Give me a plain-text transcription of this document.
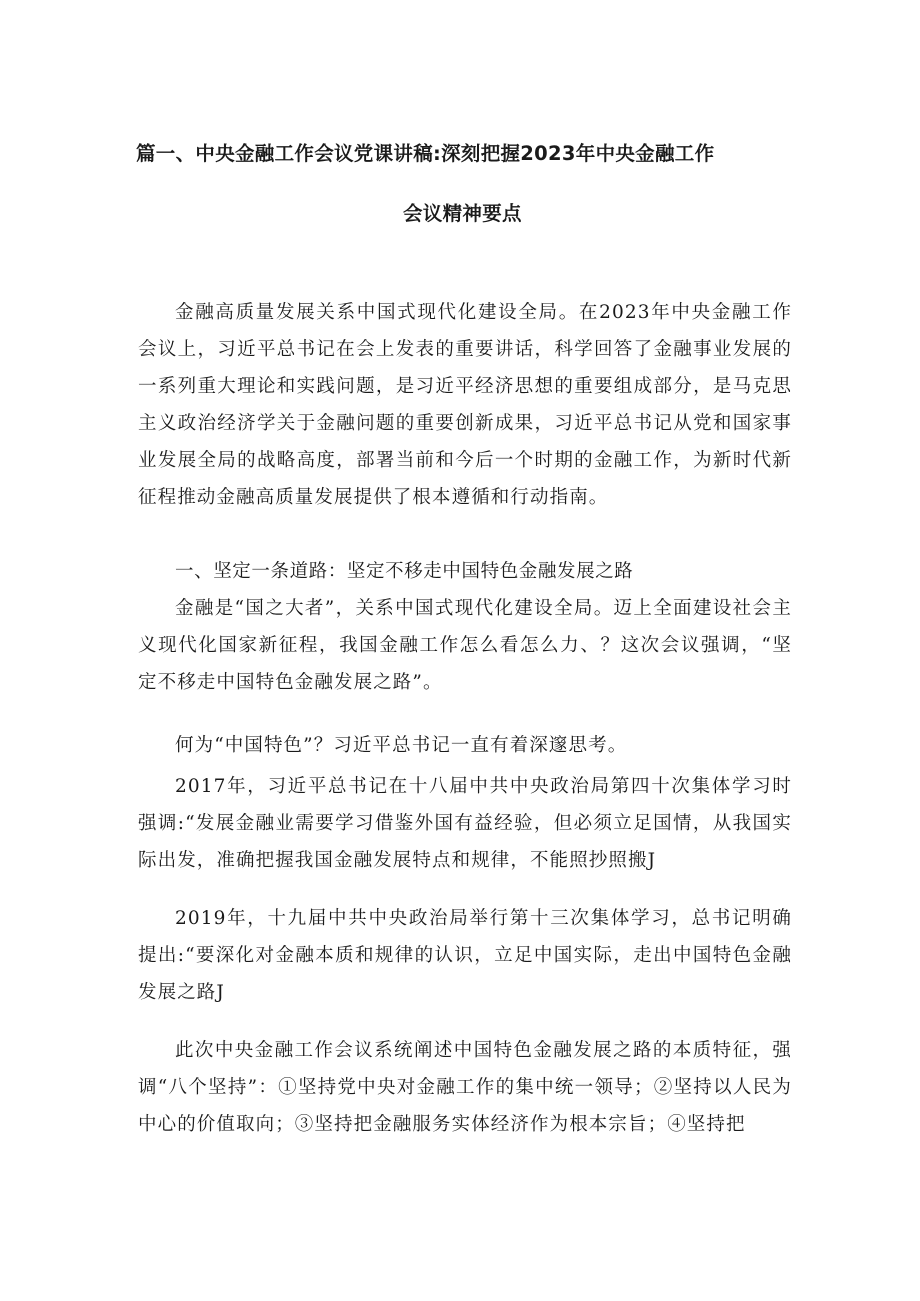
篇一、中央金融工作会议党课讲稿:深刻把握2023年中央金融工作
会议精神要点

金融高质量发展关系中国式现代化建设全局。在2023年中央金融工作会议上，习近平总书记在会上发表的重要讲话，科学回答了金融事业发展的一系列重大理论和实践问题，是习近平经济思想的重要组成部分，是马克思主义政治经济学关于金融问题的重要创新成果，习近平总书记从党和国家事业发展全局的战略高度，部署当前和今后一个时期的金融工作，为新时代新征程推动金融高质量发展提供了根本遵循和行动指南。

一、坚定一条道路：坚定不移走中国特色金融发展之路

金融是“国之大者”，关系中国式现代化建设全局。迈上全面建设社会主义现代化国家新征程，我国金融工作怎么看怎么力、？这次会议强调，“坚定不移走中国特色金融发展之路”。

何为“中国特色”？习近平总书记一直有着深邃思考。

2017年，习近平总书记在十八届中共中央政治局第四十次集体学习时强调:“发展金融业需要学习借鉴外国有益经验，但必须立足国情，从我国实际出发，准确把握我国金融发展特点和规律，不能照抄照搬J

2019年，十九届中共中央政治局举行第十三次集体学习，总书记明确提出:“要深化对金融本质和规律的认识，立足中国实际，走出中国特色金融发展之路J

此次中央金融工作会议系统阐述中国特色金融发展之路的本质特征，强调“八个坚持”：①坚持党中央对金融工作的集中统一领导；②坚持以人民为中心的价值取向；③坚持把金融服务实体经济作为根本宗旨；④坚持把
